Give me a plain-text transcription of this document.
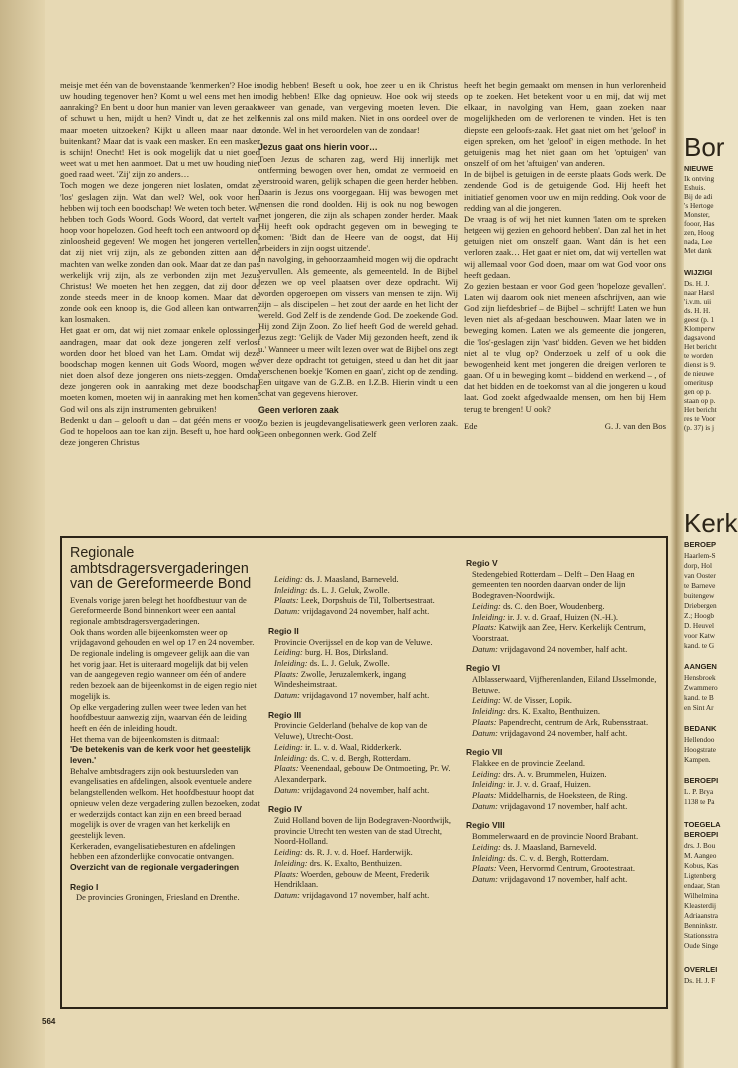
meisje met één van de bovenstaande 'kenmerken'? Hoe is uw houding tegenover hen? Komt u wel eens met hen in aanraking? En bent u door hun manier van leven geraakt of schuwt u hen, mijdt u hen? Vindt u, dat ze het zelf maar moeten uitzoeken? Kijkt u alleen maar naar de buitenkant? Maar dat is vaak een masker. En een masker is schijn! Onecht! Het is ook mogelijk dat u niet goed weet wat u met hen aanmoet. Dat u met uw houding niet goed raad weet. 'Zij' zijn zo anders…

Toch mogen we deze jongeren niet loslaten, omdat ze 'los' geslagen zijn. Wat dan wel? Wel, ook voor hen hebben wij toch een boodschap! We weten toch beter. We hebben toch Gods Woord. Gods Woord, dat vertelt van hoop voor hopelozen. God heeft toch een antwoord op de zinloosheid gegeven! We mogen het jongeren vertellen, dat zij niet vrij zijn, als ze gebonden zitten aan de machten van welke zonden dan ook. Maar dat ze dan pas werkelijk vrij zijn, als ze verbonden zijn met Jezus Christus! We moeten het hen zeggen, dat zij door de zonde steeds meer in de knoop komen. Maar dat de zonde ook een knoop is, die God alleen kan ontwarren, kan losmaken.

Het gaat er om, dat wij niet zomaar enkele oplossingen aandragen, maar dat ook deze jongeren zelf verlost worden door het bloed van het Lam. Omdat wij deze boodschap mogen kennen uit Gods Woord, mogen we niet doen alsof deze jongeren ons niets-zeggen. Omdat deze jongeren ook in aanraking met deze boodschap moeten komen, moeten wij in aanraking met hen komen. God wil ons als zijn instrumenten gebruiken!

Bedenkt u dan – gelooft u dan – dat géén mens er voor God te hopeloos aan toe kan zijn. Beseft u, hoe hard ook deze jongeren Christus

nodig hebben! Beseft u ook, hoe zeer u en ik Christus nodig hebben! Elke dag opnieuw. Hoe ook wij steeds weer van genade, van vergeving moeten leven. Die kennis zal ons mild maken. Niet in ons oordeel over de zonde. Wel in het veroordelen van de zondaar!

Jezus gaat ons hierin voor…

Toen Jezus de scharen zag, werd Hij innerlijk met ontferming bewogen over hen, omdat ze vermoeid en verstrooid waren, gelijk schapen die geen herder hebben. Daarin is Jezus ons voorgegaan. Hij was bewogen met mensen die rond doolden. Hij is ook nu nog bewogen met jongeren, die zijn als schapen zonder herder. Maak Hij heeft ook opdracht gegeven om in beweging te komen: 'Bidt dan de Heere van de oogst, dat Hij arbeiders in zijn oogst uitzende'.

In navolging, in gehoorzaamheid mogen wij die opdracht vervullen. Als gemeente, als gemeenteld. In de Bijbel lezen we op veel plaatsen over deze opdracht. Wij worden opgeroepen om vissers van mensen te zijn. Wij zijn – als discipelen – het zout der aarde en het licht der wereld. God Zelf is de zendende God. De zoekende God. Hij zond Zijn Zoon. Zo lief heeft God de wereld gehad. Jezus zegt: 'Gelijk de Vader Mij gezonden heeft, zend ik u.' Wanneer u meer wilt lezen over wat de Bijbel ons zegt over deze opdracht tot getuigen, steed u dan het dit jaar verschenen boekje 'Komen en gaan', zicht op de zending. Een uitgave van de G.Z.B. en I.Z.B. Hierin vindt u een schat van gegevens hierover.

Geen verloren zaak

Zo bezien is jeugdevangelisatiewerk geen verloren zaak. Geen onbegonnen werk. God Zelf

heeft het begin gemaakt om mensen in hun verlorenheid op te zoeken. Het betekent voor u en mij, dat wij met elkaar, in navolging van Hem, gaan zoeken naar mogelijkheden om de verlorenen te vinden. Het is ten diepste een geloofs-zaak. Het gaat niet om het 'geloof' in eigen spreken, om het 'geloof' in eigen methode. In het getuigenis mag het niet gaan om het 'optuigen' van onszelf of om het 'aftuigen' van anderen.

In de bijbel is getuigen in de eerste plaats Gods werk. De zendende God is de getuigende God. Hij heeft het initiatief genomen voor uw en mijn redding. Ook voor de redding van al die jongeren.

De vraag is of wij het niet kunnen 'laten om te spreken hetgeen wij gezien en gehoord hebben'. Dan zal het in het getuigen niet om onszelf gaan. Want dán is het een verloren zaak… Het gaat er niet om, dat wij vertellen wat wij allemaal voor God doen, maar om wat God voor ons heeft gedaan.

Zo gezien bestaan er voor God geen 'hopeloze gevallen'. Laten wij daarom ook niet meneen afschrijven, aan wie God zijn liefdesbrief – de Bijbel – schrijft! Laten we hun leven niet als af-gedaan beschouwen. Maar laten we in beweging komen. Laten we als gemeente die jongeren, die 'los'-geslagen zijn 'vast' bidden. Geven we het bidden niet al te vlug op? Onderzoek u zelf of u ook die bewogenheid kent met jongeren die dreigen verloren te gaan. Of u in beweging komt – biddend en werkend – , of dat het bidden en de toekomst van al die jongeren u koud laat. God zoekt afgedwaalde mensen, om hen bij Hem terug te brengen! U ook?

Ede	G. J. van den Bos
Regionale ambtsdragersvergaderingen van de Gereformeerde Bond

Evenals vorige jaren belegt het hoofdbestuur van de Gereformeerde Bond binnenkort weer een aantal regionale ambtsdragersvergaderingen.

Ook thans worden alle bijeenkomsten weer op vrijdagavond gehouden en wel op 17 en 24 november. De regionale indeling is omgeveer gelijk aan die van het vorig jaar. Het is uiteraard mogelijk dat bij velen van de aangegeven regio wanneer om één of andere reden bezoek aan de bijeenkomst in de eigen regio niet mogelijk is.

Op elke vergadering zullen weer twee leden van het hoofdbestuur aanwezig zijn, waarvan één de leiding heeft en één de inleiding houdt.

Het thema van de bijeenkomsten is ditmaal:

'De betekenis van de kerk voor het geestelijk leven.'

Behalve ambtsdragers zijn ook bestuursleden van evangelisaties en afdelingen, alsook eventuele andere belangstellenden welkom. Het hoofdbestuur hoopt dat opnieuw velen deze vergadering zullen bezoeken, zodat er wederzijds contact kan zijn en een breed beraad mogelijk is over de vragen van het kerkelijk en geestelijk leven.

Kerkeraden, evangelisatiebesturen en afdelingen hebben een afzonderlijke convocatie ontvangen.

Overzicht van de regionale vergaderingen

Regio I

De provincies Groningen, Friesland en Drenthe.

Leiding: ds. J. Maasland, Barneveld.

Inleiding: ds. L. J. Geluk, Zwolle.

Plaats: Leek, Dorpshuis de Til, Tolbertsestraat.

Datum: vrijdagavond 24 november, half acht.

Regio II

Provincie Overijssel en de kop van de Veluwe.

Leiding: burg. H. Bos, Dirksland.

Inleiding: ds. L. J. Geluk, Zwolle.

Plaats: Zwolle, Jeruzalemkerk, ingang Windesheimstraat.

Datum: vrijdagavond 17 november, half acht.

Regio III

Provincie Gelderland (behalve de kop van de Veluwe), Utrecht-Oost.

Leiding: ir. L. v. d. Waal, Ridderkerk.

Inleiding: ds. C. v. d. Bergh, Rotterdam.

Plaats: Veenendaal, gebouw De Ontmoeting, Pr. W. Alexanderpark.

Datum: vrijdagavond 24 november, half acht.

Regio IV

Zuid Holland boven de lijn Bodegraven-Noordwijk, provincie Utrecht ten westen van de stad Utrecht, Noord-Holland.

Leiding: ds. R. J. v. d. Hoef. Harderwijk.

Inleiding: drs. K. Exalto, Benthuizen.

Plaats: Woerden, gebouw de Meent, Frederik Hendriklaan.

Datum: vrijdagavond 17 november, half acht.

Regio V

Stedengebied Rotterdam – Delft – Den Haag en gemeenten ten noorden daarvan onder de lijn Bodegraven-Noordwijk.

Leiding: ds. C. den Boer, Woudenberg.

Inleiding: ir. J. v. d. Graaf, Huizen (N.-H.).

Plaats: Katwijk aan Zee, Herv. Kerkelijk Centrum, Voorstraat.

Datum: vrijdagavond 24 november, half acht.

Regio VI

Alblasserwaard, Vijfherenlanden, Eiland IJsselmonde, Betuwe.

Leiding: W. de Visser, Lopik.

Inleiding: drs. K. Exalto, Benthuizen.

Plaats: Papendrecht, centrum de Ark, Rubensstraat.

Datum: vrijdagavond 24 november, half acht.

Regio VII

Flakkee en de provincie Zeeland.

Leiding: drs. A. v. Brummelen, Huizen.

Inleiding: ir. J. v. d. Graaf, Huizen.

Plaats: Middelharnis, de Hoeksteen, de Ring.

Datum: vrijdagavond 17 november, half acht.

Regio VIII

Bommelerwaard en de provincie Noord Brabant.

Leiding: ds. J. Maasland, Barneveld.

Inleiding: ds. C. v. d. Bergh, Rotterdam.

Plaats: Veen, Hervormd Centrum, Grootestraat.

Datum: vrijdagavond 17 november, half acht.

564
Bor
NIEUWE
Ik ontving
Eshuis.
Bij de adi
's Hertoge
Monster,
fooor, Has
zen, Hoog
nada, Lee
Met dank
WIJZIGI
Ds. H. J.
naar Harsl
'i.v.m. uii
ds. H. H.
geest (p. 1
Klomperw
dagsavond
Het bericht
te worden
dienst is 9.
de nieuwe
omeritusp
gen op p.
staan op p.
Het bericht
res te Voor
(p. 37) is j
Kerk
BEROEP
Haarlem-S
dorp, Hol
van Ooster
te Barneve
buitengew
Driebergen
Z.; Hoogb
D. Heuvel
voor Katw
kand. te G
AANGEN
Hensbroek
Zwammero
kand. te B
en Sint Ar
BEDANK
Hellendoo
Hoogstrate
Kampen.
BEROEPI
L. P. Brya
1138 te Pa
TOEGELA
BEROEPI
drs. J. Bou
M. Aangeo
Kobus, Kas
Ligtenberg
endaar, Stan
Wilhelmina
Kleasterdij
Adriaanstra
Benninkstr.
Stationsstra
Oude Singe
OVERLEI
Ds. H. J. F
